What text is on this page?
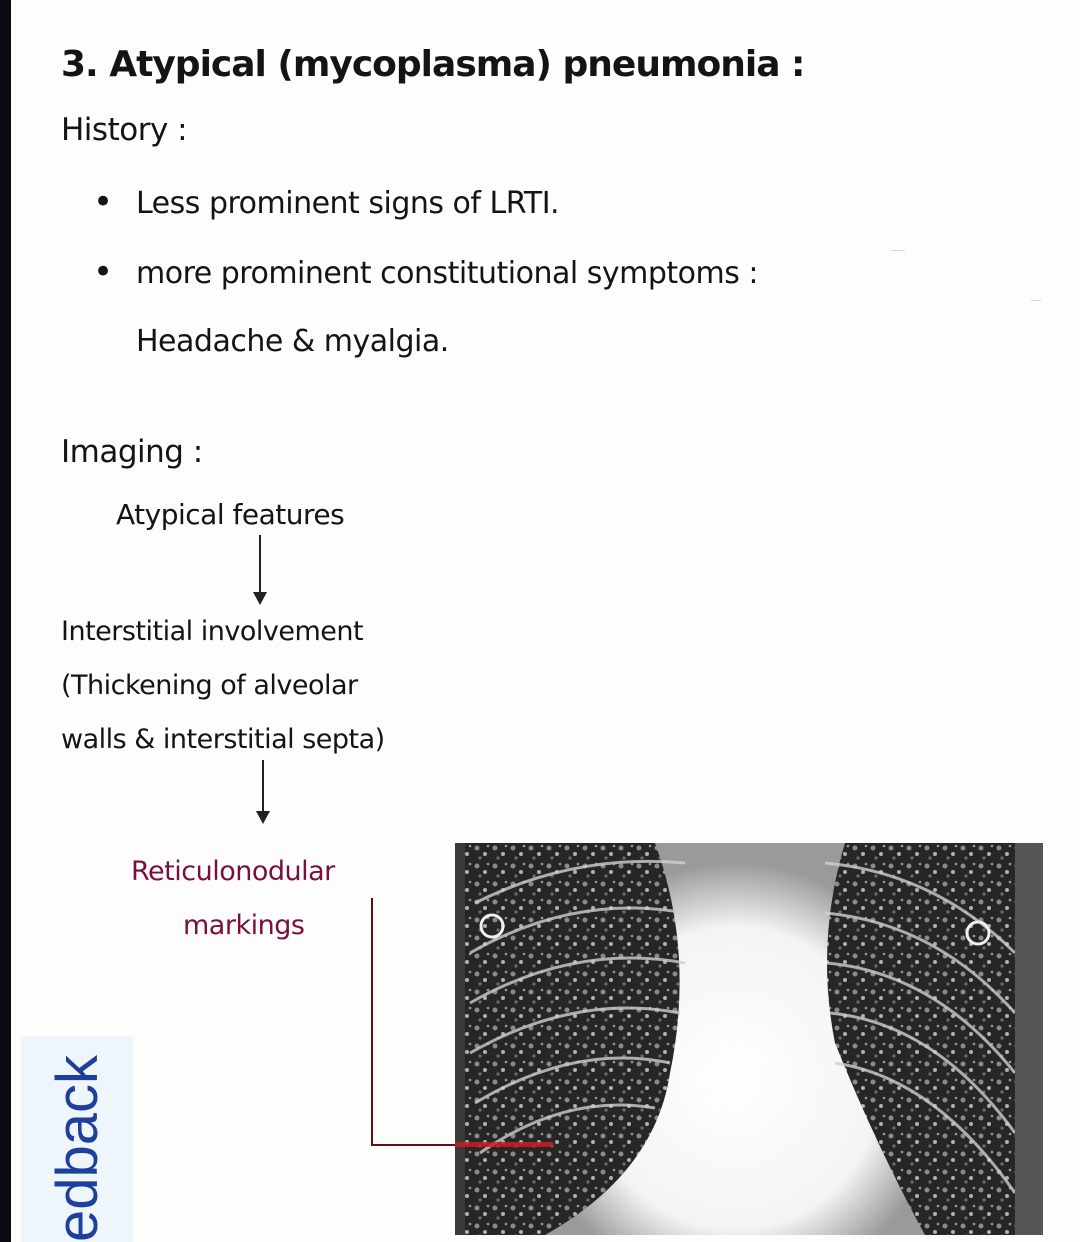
3. Atypical (mycoplasma) pneumonia :
History :
• Less prominent signs of LRTI.
• more prominent constitutional symptoms :
Headache & myalgia.
Imaging :
Atypical features
Interstitial involvement
(Thickening of alveolar
walls & interstitial septa)
Reticulonodular
markings
edback
